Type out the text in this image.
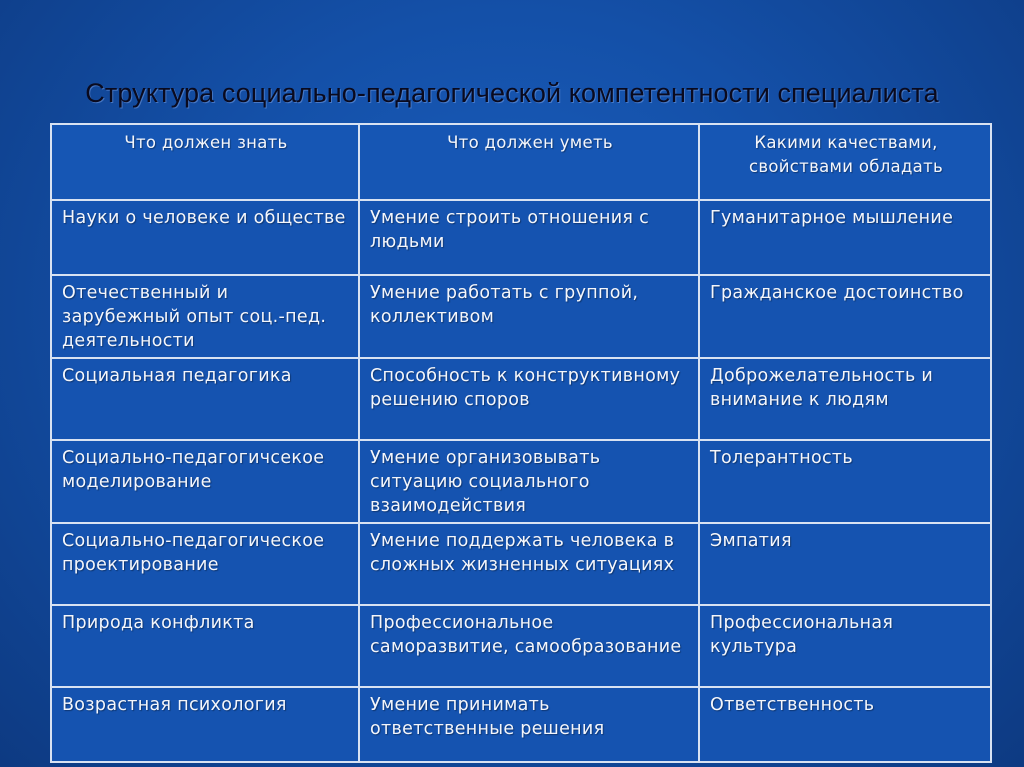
Структура социально-педагогической компетентности специалиста
Что должен знать	Что должен уметь	Какими качествами, свойствами обладать
Науки о человеке и обществе	Умение строить отношения с людьми	Гуманитарное мышление
Отечественный и зарубежный опыт соц.-пед. деятельности	Умение работать с группой, коллективом	Гражданское достоинство
Социальная педагогика	Способность к конструктивному решению споров	Доброжелательность и внимание к людям
Социально-педагогичсекое моделирование	Умение организовывать ситуацию социального взаимодействия	Толерантность
Социально-педагогическое проектирование	Умение поддержать человека в сложных жизненных ситуациях	Эмпатия
Природа конфликта	Профессиональное саморазвитие, самообразование	Профессиональная культура
Возрастная психология	Умение принимать ответственные решения	Ответственность
